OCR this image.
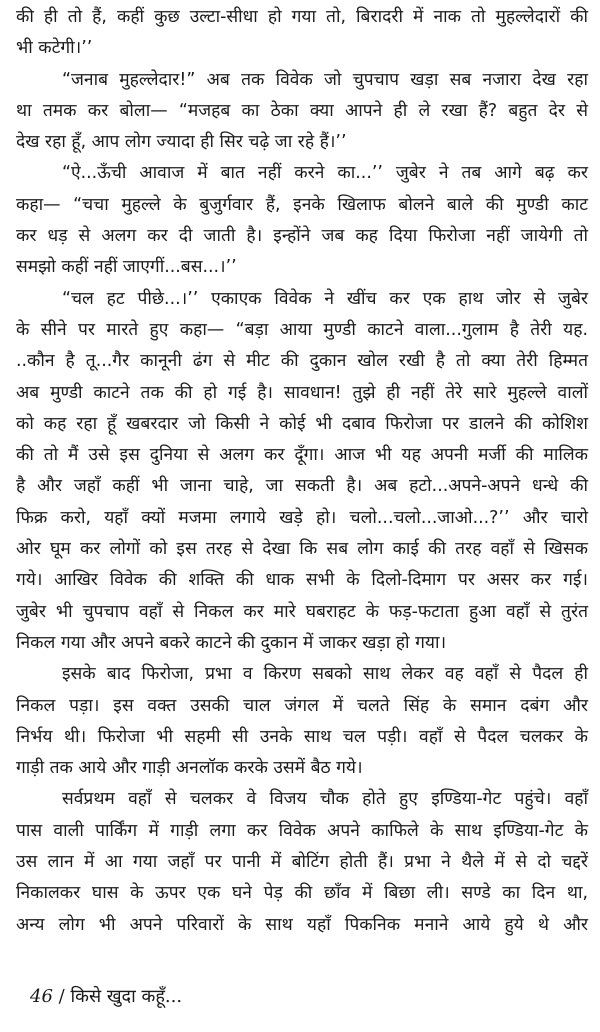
की ही तो हैं, कहीं कुछ उल्टा-सीधा हो गया तो, बिरादरी में नाक तो मुहल्लेदारों की
भी कटेगी।’’
“जनाब मुहल्लेदार!” अब तक विवेक जो चुपचाप खड़ा सब नजारा देख रहा
था तमक कर बोला— “मजहब का ठेका क्या आपने ही ले रखा हैं? बहुत देर से
देख रहा हूँ, आप लोग ज्यादा ही सिर चढ़े जा रहे हैं।’’
“ऐ...ऊँची आवाज में बात नहीं करने का...’’ जुबेर ने तब आगे बढ़ कर
कहा— “चचा मुहल्ले के बुजुर्गवार हैं, इनके खिलाफ बोलने बाले की मुण्डी काट
कर धड़ से अलग कर दी जाती है। इन्होंने जब कह दिया फिरोजा नहीं जायेगी तो
समझो कहीं नहीं जाएगीं...बस...।’’
“चल हट पीछे...।’’ एकाएक विवेक ने खींच कर एक हाथ जोर से जुबेर
के सीने पर मारते हुए कहा— “बड़ा आया मुण्डी काटने वाला...गुलाम है तेरी यह.
..कौन है तू...गैर कानूनी ढंग से मीट की दुकान खोल रखी है तो क्या तेरी हिम्मत
अब मुण्डी काटने तक की हो गई है। सावधान! तुझे ही नहीं तेरे सारे मुहल्ले वालों
को कह रहा हूँ खबरदार जो किसी ने कोई भी दबाव फिरोजा पर डालने की कोशिश
की तो मैं उसे इस दुनिया से अलग कर दूँगा। आज भी यह अपनी मर्जी की मालिक
है और जहाँ कहीं भी जाना चाहे, जा सकती है। अब हटो...अपने-अपने धन्धे की
फिक्र करो, यहाँ क्यों मजमा लगाये खड़े हो। चलो...चलो...जाओ...?’’ और चारो
ओर घूम कर लोगों को इस तरह से देखा कि सब लोग काई की तरह वहाँ से खिसक
गये। आखिर विवेक की शक्ति की धाक सभी के दिलो-दिमाग पर असर कर गई।
जुबेर भी चुपचाप वहाँ से निकल कर मारे घबराहट के फड़-फटाता हुआ वहाँ से तुरंत
निकल गया और अपने बकरे काटने की दुकान में जाकर खड़ा हो गया।
इसके बाद फिरोजा, प्रभा व किरण सबको साथ लेकर वह वहाँ से पैदल ही
निकल पड़ा। इस वक्त उसकी चाल जंगल में चलते सिंह के समान दबंग और
निर्भय थी। फिरोजा भी सहमी सी उनके साथ चल पड़ी। वहाँ से पैदल चलकर के
गाड़ी तक आये और गाड़ी अनलॉक करके उसमें बैठ गये।
सर्वप्रथम वहाँ से चलकर वे विजय चौक होते हुए इण्डिया-गेट पहुंचे। वहाँ
पास वाली पार्किंग में गाड़ी लगा कर विवेक अपने काफिले के साथ इण्डिया-गेट के
उस लान में आ गया जहाँ पर पानी में बोटिंग होती हैं। प्रभा ने थैले में से दो चद्दरें
निकालकर घास के ऊपर एक घने पेड़ की छाँव में बिछा ली। सण्डे का दिन था,
अन्य लोग भी अपने परिवारों के साथ यहाँ पिकनिक मनाने आये हुये थे और
46 / किसे खुदा कहूँ...
